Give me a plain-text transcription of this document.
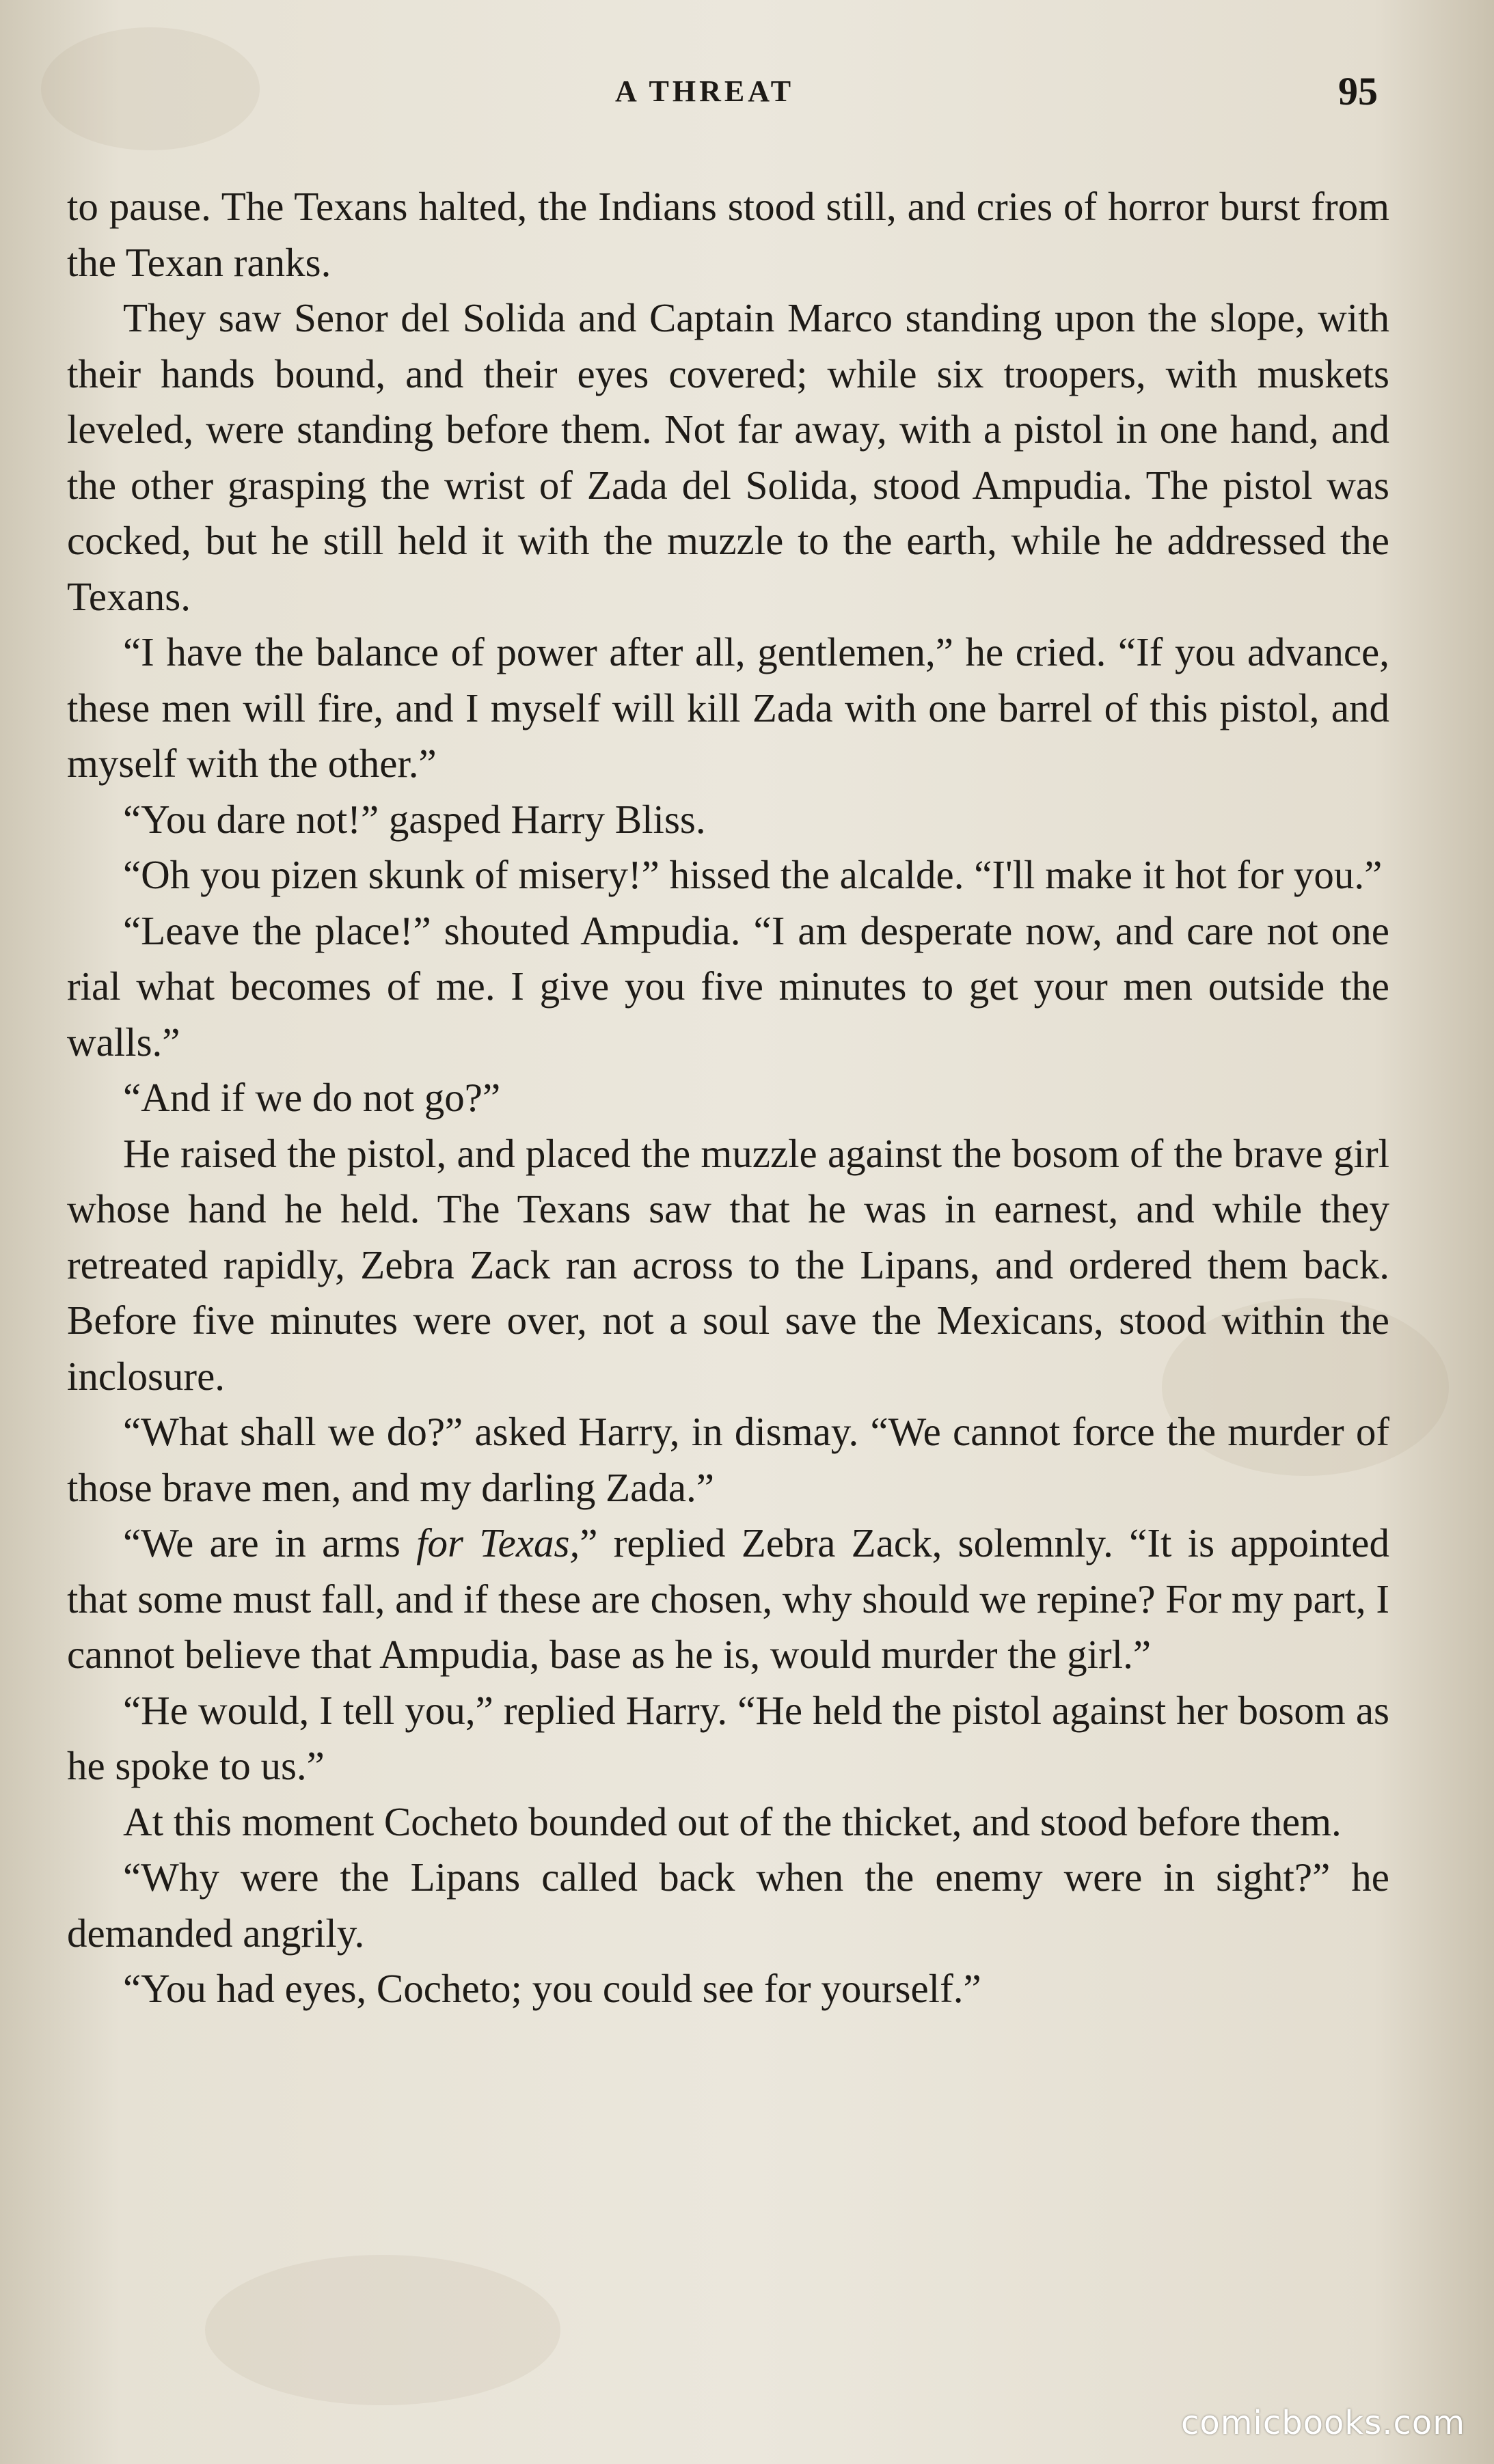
A THREAT	95

to pause. The Texans halted, the Indians stood still, and cries of horror burst from the Texan ranks.

They saw Senor del Solida and Captain Marco standing upon the slope, with their hands bound, and their eyes covered; while six troopers, with muskets leveled, were standing before them. Not far away, with a pistol in one hand, and the other grasping the wrist of Zada del Solida, stood Ampudia. The pistol was cocked, but he still held it with the muzzle to the earth, while he addressed the Texans.

“I have the balance of power after all, gentlemen,” he cried. “If you advance, these men will fire, and I myself will kill Zada with one barrel of this pistol, and myself with the other.”

“You dare not!” gasped Harry Bliss.

“Oh you pizen skunk of misery!” hissed the alcalde. “I'll make it hot for you.”

“Leave the place!” shouted Ampudia. “I am desperate now, and care not one rial what becomes of me. I give you five minutes to get your men outside the walls.”

“And if we do not go?”

He raised the pistol, and placed the muzzle against the bosom of the brave girl whose hand he held. The Texans saw that he was in earnest, and while they retreated rapidly, Zebra Zack ran across to the Lipans, and ordered them back. Before five minutes were over, not a soul save the Mexicans, stood within the inclosure.

“What shall we do?” asked Harry, in dismay. “We cannot force the murder of those brave men, and my darling Zada.”

“We are in arms for Texas,” replied Zebra Zack, solemnly. “It is appointed that some must fall, and if these are chosen, why should we repine? For my part, I cannot believe that Ampudia, base as he is, would murder the girl.”

“He would, I tell you,” replied Harry. “He held the pistol against her bosom as he spoke to us.”

At this moment Cocheto bounded out of the thicket, and stood before them.

“Why were the Lipans called back when the enemy were in sight?” he demanded angrily.

“You had eyes, Cocheto; you could see for yourself.”

comicbooks.com
